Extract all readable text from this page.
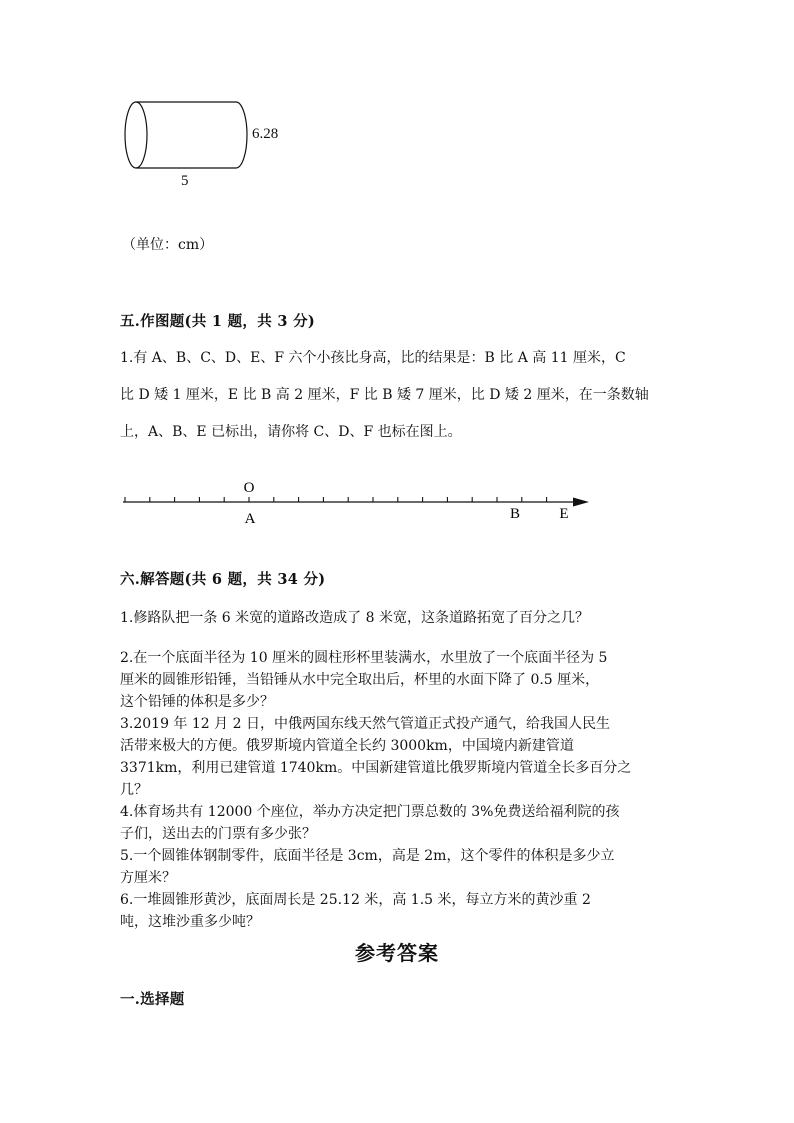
6.28
5
（单位：cm）
五.作图题(共 1 题，共 3 分)
1.有 A、B、C、D、E、F 六个小孩比身高，比的结果是：B 比 A 高 11 厘米，C
比 D 矮 1 厘米，E 比 B 高 2 厘米，F 比 B 矮 7 厘米，比 D 矮 2 厘米，在一条数轴
上，A、B、E 已标出，请你将 C、D、F 也标在图上。
O
A	B	E
六.解答题(共 6 题，共 34 分)
1.修路队把一条 6 米宽的道路改造成了 8 米宽，这条道路拓宽了百分之几？
2.在一个底面半径为 10 厘米的圆柱形杯里装满水，水里放了一个底面半径为 5
厘米的圆锥形铅锤，当铅锤从水中完全取出后，杯里的水面下降了 0.5 厘米，
这个铅锤的体积是多少？
3.2019 年 12 月 2 日，中俄两国东线天然气管道正式投产通气，给我国人民生
活带来极大的方便。俄罗斯境内管道全长约 3000km，中国境内新建管道
3371km，利用已建管道 1740km。中国新建管道比俄罗斯境内管道全长多百分之
几？
4.体育场共有 12000 个座位，举办方决定把门票总数的 3%免费送给福利院的孩
子们，送出去的门票有多少张？
5.一个圆锥体钢制零件，底面半径是 3cm，高是 2m，这个零件的体积是多少立
方厘米？
6.一堆圆锥形黄沙，底面周长是 25.12 米，高 1.5 米，每立方米的黄沙重 2
吨，这堆沙重多少吨？
参考答案
一.选择题
